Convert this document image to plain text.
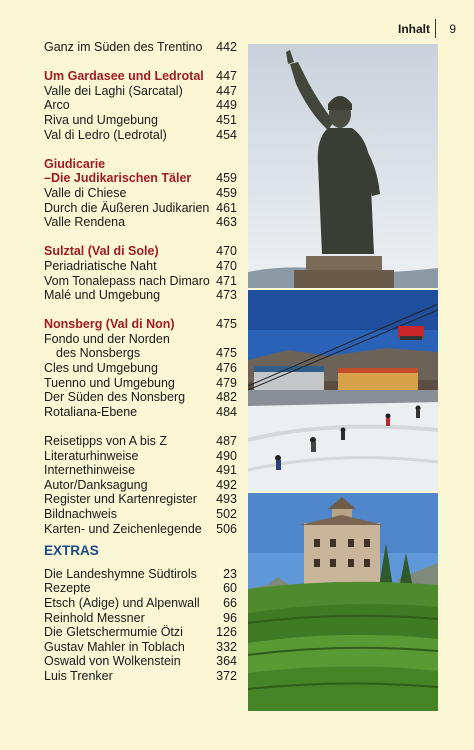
Inhalt 9
Ganz im Süden des Trentino	442
Um Gardasee und Ledrotal 447
Valle dei Laghi (Sarcatal)	447
Arco	449
Riva und Umgebung	451
Val di Ledro (Ledrotal)	454
Giudicarie
–Die Judikarischen Täler	459
Valle di Chiese	459
Durch die Äußeren Judikarien 461
Valle Rendena	463
Sulztal (Val di Sole)	470
Periadriatische Naht	470
Vom Tonalepass nach Dimaro 471
Malé und Umgebung	473
Nonsberg (Val di Non)	475
Fondo und der Norden
des Nonsbergs	475
Cles und Umgebung	476
Tuenno und Umgebung	479
Der Süden des Nonsberg	482
Rotaliana-Ebene	484
Reisetipps von A bis Z	487
Literaturhinweise	490
Internethinweise	491
Autor/Danksagung	492
Register und Kartenregister	493
Bildnachweis	502
Karten- und Zeichenlegende	506
EXTRAS
Die Landeshymne Südtirols	23
Rezepte	60
Etsch (Adige) und Alpenwall	66
Reinhold Messner	96
Die Gletschermumie Ötzi	126
Gustav Mahler in Toblach	332
Oswald von Wolkenstein	364
Luis Trenker	372
